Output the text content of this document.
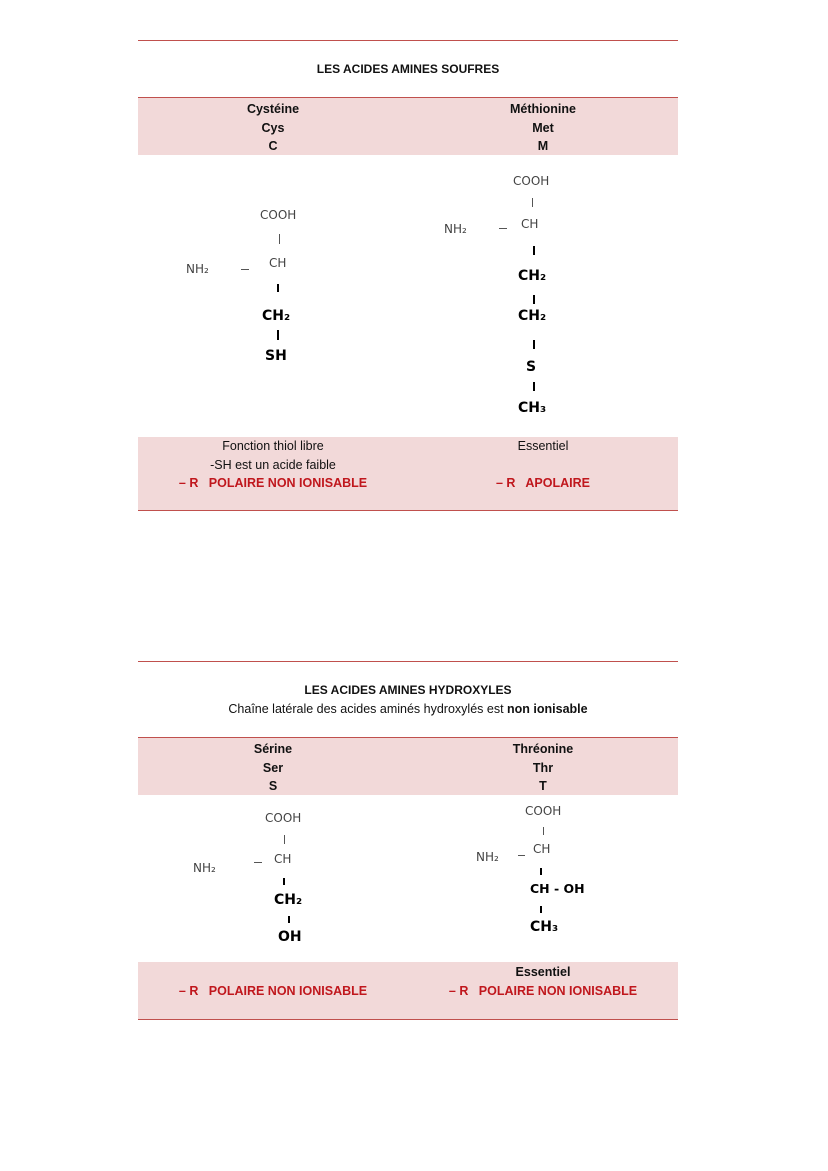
LES ACIDES AMINES SOUFRES
Cystéine
Cys
C
Méthionine
Met
M
COOH
NH₂	CH
CH₂
SH
COOH
NH₂	CH
CH₂
CH₂
S
CH₃
Fonction thiol libre
-SH est un acide faible
– R   POLAIRE NON IONISABLE
Essentiel
– R   APOLAIRE
LES ACIDES AMINES HYDROXYLES
Chaîne latérale des acides aminés hydroxylés est non ionisable
Sérine
Ser
S
Thréonine
Thr
T
COOH
NH₂
CH
CH₂
OH
COOH
NH₂
CH
CH - OH
CH₃
– R   POLAIRE NON IONISABLE
Essentiel
– R   POLAIRE NON IONISABLE
